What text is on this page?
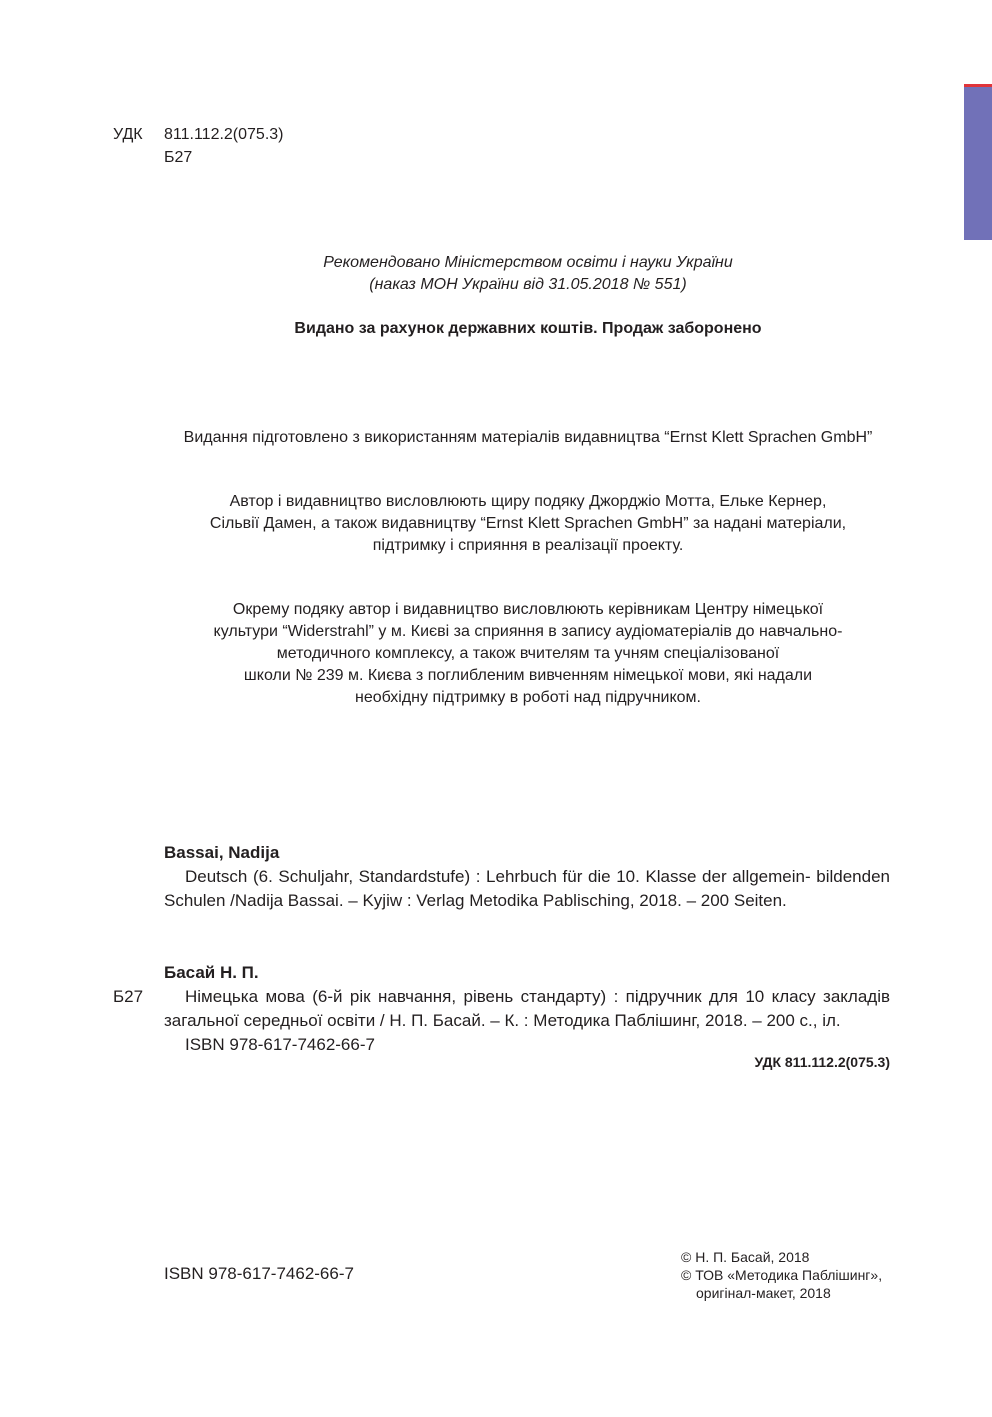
УДК 811.112.2(075.3)
Б27
Рекомендовано Міністерством освіти і науки України
(наказ МОН України від 31.05.2018 № 551)
Видано за рахунок державних коштів. Продаж заборонено
Видання підготовлено з використанням матеріалів видавництва “Ernst Klett Sprachen GmbH”
Автор і видавництво висловлюють щиру подяку Джорджіо Мотта, Ельке Кернер,
Сільвії Дамен, а також видавництву “Ernst Klett Sprachen GmbH” за надані матеріали,
підтримку і сприяння в реалізації проекту.
Окрему подяку автор і видавництво висловлюють керівникам Центру німецької
культури “Widerstrahl” у м. Києві за сприяння в запису аудіоматеріалів до навчально-
методичного комплексу, а також вчителям та учням спеціалізованої
школи № 239 м. Києва з поглибленим вивченням німецької мови, які надали
необхідну підтримку в роботі над підручником.
Bassai, Nadija
Deutsch (6. Schuljahr, Standardstufe) : Lehrbuch für die 10. Klasse der allgemein- bildenden Schulen /Nadija Bassai. – Kyjiw : Verlag Metodika Pablisching, 2018. – 200 Seiten.
Б27
Басай Н. П.
Німецька мова (6-й рік навчання, рівень стандарту) : підручник для 10 класу закладів загальної середньої освіти / Н. П. Басай. – К. : Методика Паблішинг, 2018. – 200 с., іл.
ISBN 978-617-7462-66-7
УДК 811.112.2(075.3)
ISBN 978-617-7462-66-7
© Н. П. Басай, 2018
© ТОВ «Методика Паблішинг»,
оригінал-макет, 2018
